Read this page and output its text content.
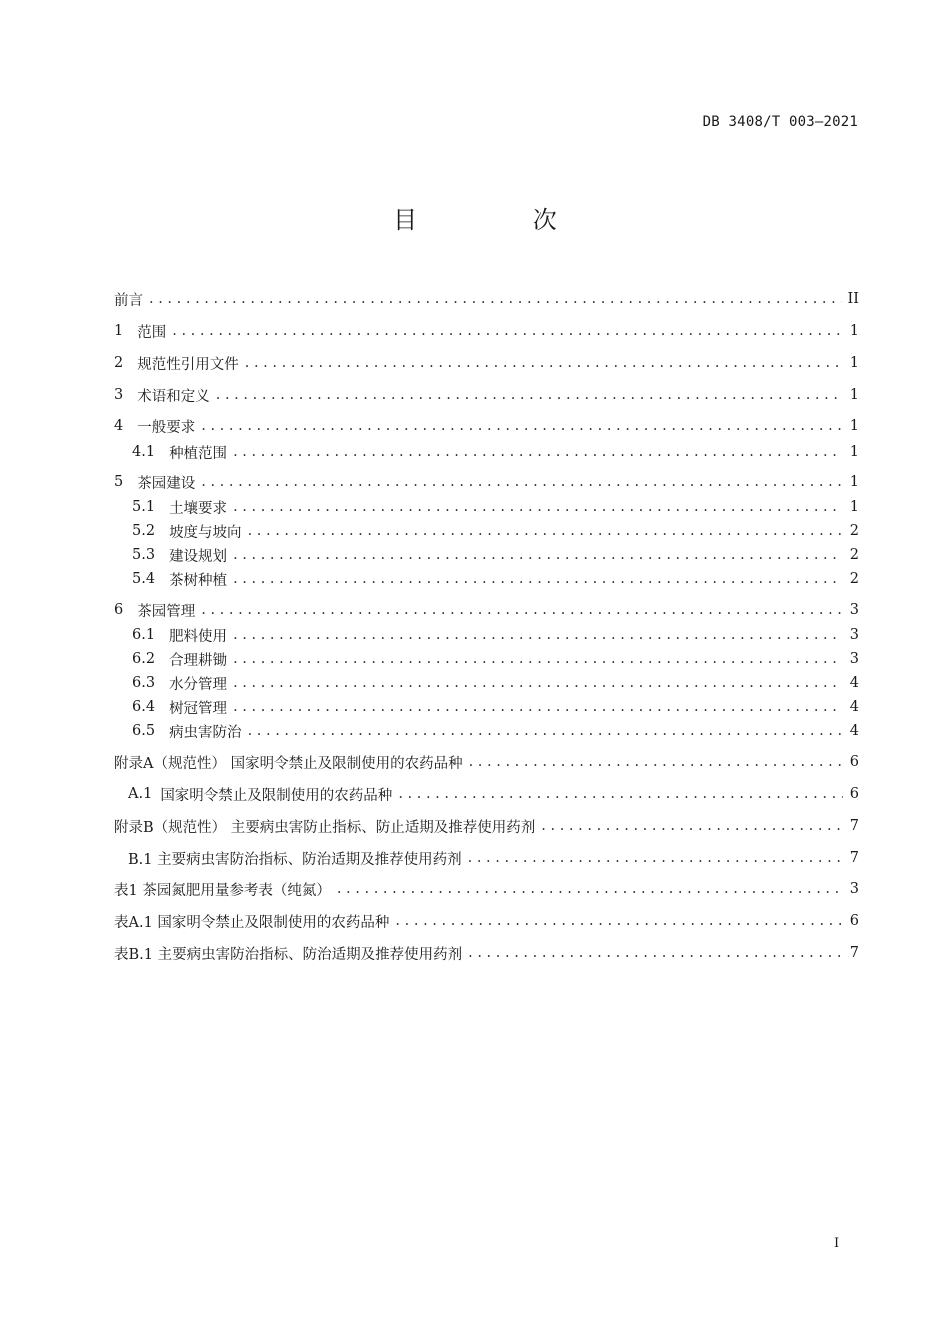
DB 3408/T 003—2021
目 次
前言 . . .	II
1 范围 . . .	1
2 规范性引用文件 . . .	1
3 术语和定义 . . .	1
4 一般要求 . . .	1
4.1 种植范围 . . .	1
5 茶园建设 . . .	1
5.1 土壤要求 . . .	1
5.2 坡度与坡向 . . .	2
5.3 建设规划 . . .	2
5.4 茶树种植 . . .	2
6 茶园管理 . . .	3
6.1 肥料使用 . . .	3
6.2 合理耕锄 . . .	3
6.3 水分管理 . . .	4
6.4 树冠管理 . . .	4
6.5 病虫害防治 . . .	4
附录A（规范性） 国家明令禁止及限制使用的农药品种 . . .	6
A.1 国家明令禁止及限制使用的农药品种 . . .	6
附录B（规范性） 主要病虫害防止指标、防止适期及推荐使用药剂 . . .	7
B.1 主要病虫害防治指标、防治适期及推荐使用药剂 . . .	7
表1 茶园氮肥用量参考表（纯氮） . . .	3
表A.1 国家明令禁止及限制使用的农药品种 . . .	6
表B.1 主要病虫害防治指标、防治适期及推荐使用药剂 . . .	7
I
